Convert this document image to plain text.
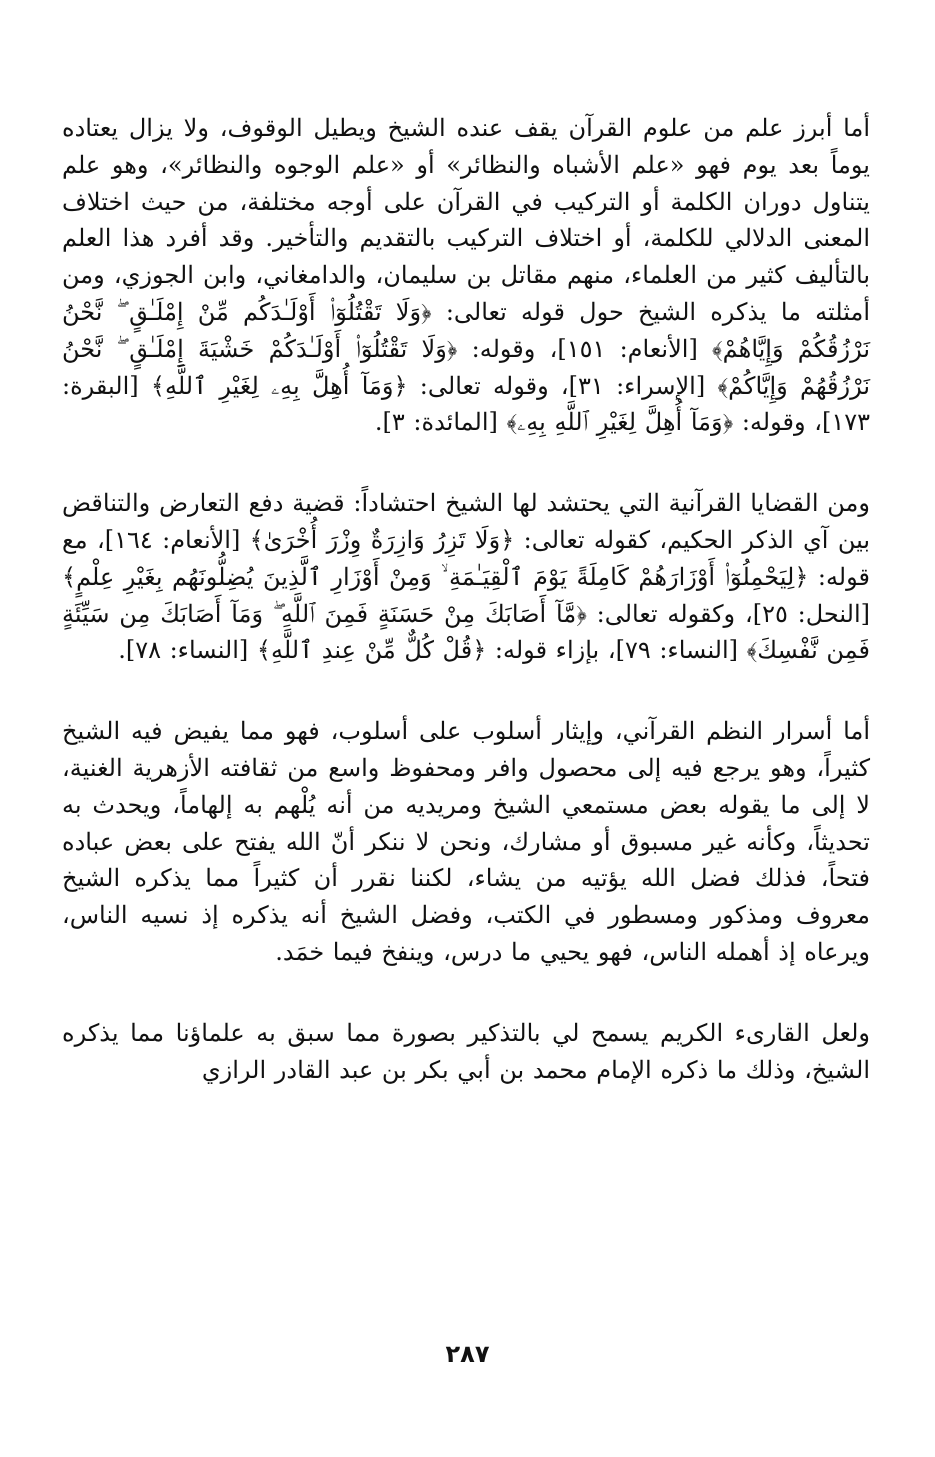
أما أبرز علم من علوم القرآن يقف عنده الشيخ ويطيل الوقوف، ولا يزال يعتاده يوماً بعد يوم فهو «علم الأشباه والنظائر» أو «علم الوجوه والنظائر»، وهو علم يتناول دوران الكلمة أو التركيب في القرآن على أوجه مختلفة، من حيث اختلاف المعنى الدلالي للكلمة، أو اختلاف التركيب بالتقديم والتأخير. وقد أفرد هذا العلم بالتأليف كثير من العلماء، منهم مقاتل بن سليمان، والدامغاني، وابن الجوزي، ومن أمثلته ما يذكره الشيخ حول قوله تعالى: ﴿وَلَا تَقْتُلُوٓا۟ أَوْلَـٰدَكُم مِّنْ إِمْلَـٰقٍ ۖ نَّحْنُ نَرْزُقُكُمْ وَإِيَّاهُمْ﴾ [الأنعام: ١٥١]، وقوله: ﴿وَلَا تَقْتُلُوٓا۟ أَوْلَـٰدَكُمْ خَشْيَةَ إِمْلَـٰقٍ ۖ نَّحْنُ نَرْزُقُهُمْ وَإِيَّاكُمْ﴾ [الإسراء: ٣١]، وقوله تعالى: ﴿وَمَآ أُهِلَّ بِهِۦ لِغَيْرِ ٱللَّهِ﴾ [البقرة: ١٧٣]، وقوله: ﴿وَمَآ أُهِلَّ لِغَيْرِ ٱللَّهِ بِهِۦ﴾ [المائدة: ٣].

ومن القضايا القرآنية التي يحتشد لها الشيخ احتشاداً: قضية دفع التعارض والتناقض بين آي الذكر الحكيم، كقوله تعالى: ﴿وَلَا تَزِرُ وَازِرَةٌ وِزْرَ أُخْرَىٰ﴾ [الأنعام: ١٦٤]، مع قوله: ﴿لِيَحْمِلُوٓا۟ أَوْزَارَهُمْ كَامِلَةً يَوْمَ ٱلْقِيَـٰمَةِ ۙ وَمِنْ أَوْزَارِ ٱلَّذِينَ يُضِلُّونَهُم بِغَيْرِ عِلْمٍ﴾ [النحل: ٢٥]، وكقوله تعالى: ﴿مَّآ أَصَابَكَ مِنْ حَسَنَةٍ فَمِنَ ٱللَّهِ ۖ وَمَآ أَصَابَكَ مِن سَيِّئَةٍ فَمِن نَّفْسِكَ﴾ [النساء: ٧٩]، بإزاء قوله: ﴿قُلْ كُلٌّ مِّنْ عِندِ ٱللَّهِ﴾ [النساء: ٧٨].

أما أسرار النظم القرآني، وإيثار أسلوب على أسلوب، فهو مما يفيض فيه الشيخ كثيراً، وهو يرجع فيه إلى محصول وافر ومحفوظ واسع من ثقافته الأزهرية الغنية، لا إلى ما يقوله بعض مستمعي الشيخ ومريديه من أنه يُلْهم به إلهاماً، ويحدث به تحديثاً، وكأنه غير مسبوق أو مشارك، ونحن لا ننكر أنّ الله يفتح على بعض عباده فتحاً، فذلك فضل الله يؤتيه من يشاء، لكننا نقرر أن كثيراً مما يذكره الشيخ معروف ومذكور ومسطور في الكتب، وفضل الشيخ أنه يذكره إذ نسيه الناس، ويرعاه إذ أهمله الناس، فهو يحيي ما درس، وينفخ فيما خمَد.

ولعل القارىء الكريم يسمح لي بالتذكير بصورة مما سبق به علماؤنا مما يذكره الشيخ، وذلك ما ذكره الإمام محمد بن أبي بكر بن عبد القادر الرازي

٢٨٧
